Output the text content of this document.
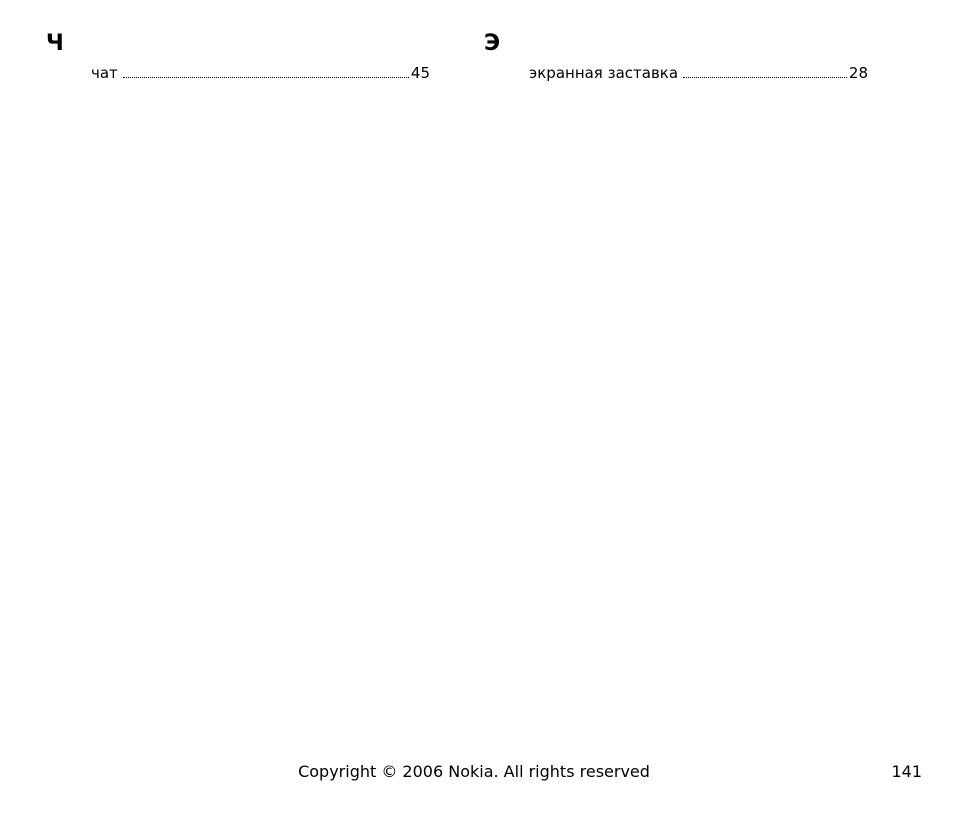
Ч
чат	45
Э
экранная заставка	28
Copyright © 2006 Nokia. All rights reserved	141
